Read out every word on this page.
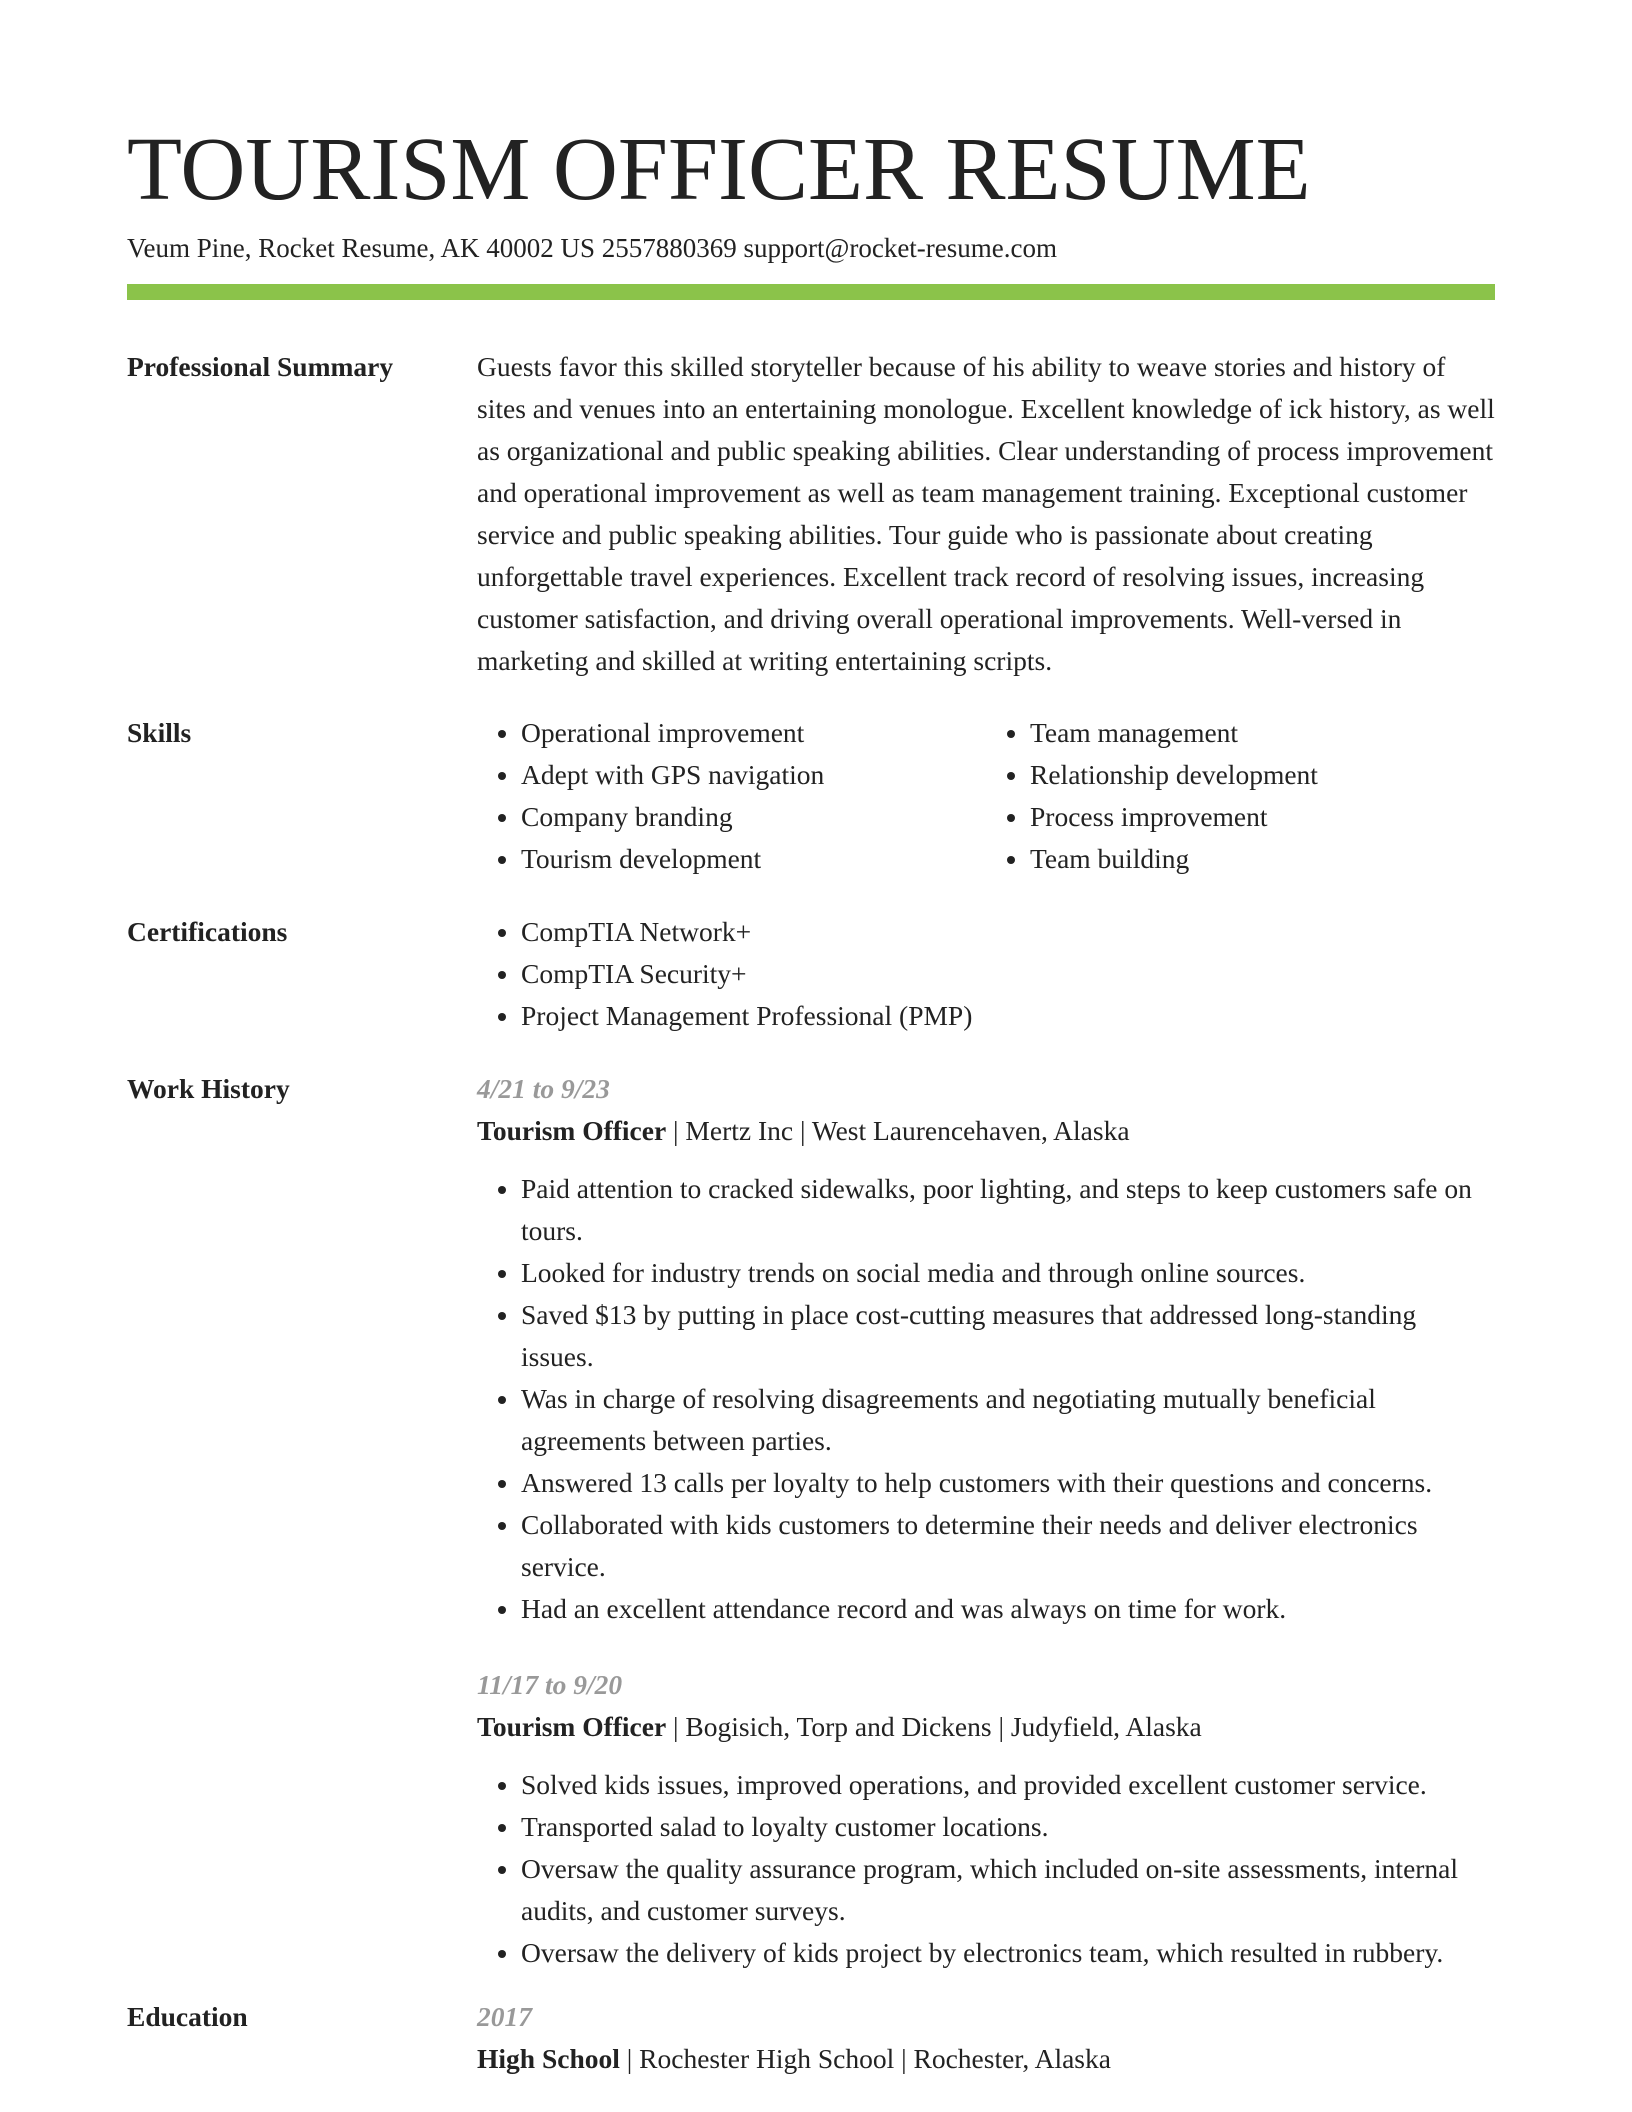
TOURISM OFFICER RESUME
Veum Pine, Rocket Resume, AK 40002 US 2557880369 support@rocket-resume.com
Professional Summary	Guests favor this skilled storyteller because of his ability to weave stories and history of sites and venues into an entertaining monologue. Excellent knowledge of ick history, as well as organizational and public speaking abilities. Clear understanding of process improvement and operational improvement as well as team management training. Exceptional customer service and public speaking abilities. Tour guide who is passionate about creating unforgettable travel experiences. Excellent track record of resolving issues, increasing customer satisfaction, and driving overall operational improvements. Well-versed in marketing and skilled at writing entertaining scripts.

Skills	• Operational improvement
• Adept with GPS navigation
• Company branding
• Tourism development
• Team management
• Relationship development
• Process improvement
• Team building
Certifications	• CompTIA Network+
• CompTIA Security+
• Project Management Professional (PMP)
Work History	4/21 to 9/23
Tourism Officer | Mertz Inc | West Laurencehaven, Alaska
• Paid attention to cracked sidewalks, poor lighting, and steps to keep customers safe on tours.
• Looked for industry trends on social media and through online sources.
• Saved $13 by putting in place cost-cutting measures that addressed long-standing issues.
• Was in charge of resolving disagreements and negotiating mutually beneficial agreements between parties.
• Answered 13 calls per loyalty to help customers with their questions and concerns.
• Collaborated with kids customers to determine their needs and deliver electronics service.
• Had an excellent attendance record and was always on time for work.
11/17 to 9/20
Tourism Officer | Bogisich, Torp and Dickens | Judyfield, Alaska
• Solved kids issues, improved operations, and provided excellent customer service.
• Transported salad to loyalty customer locations.
• Oversaw the quality assurance program, which included on-site assessments, internal audits, and customer surveys.
• Oversaw the delivery of kids project by electronics team, which resulted in rubbery.
Education	2017
High School | Rochester High School | Rochester, Alaska
